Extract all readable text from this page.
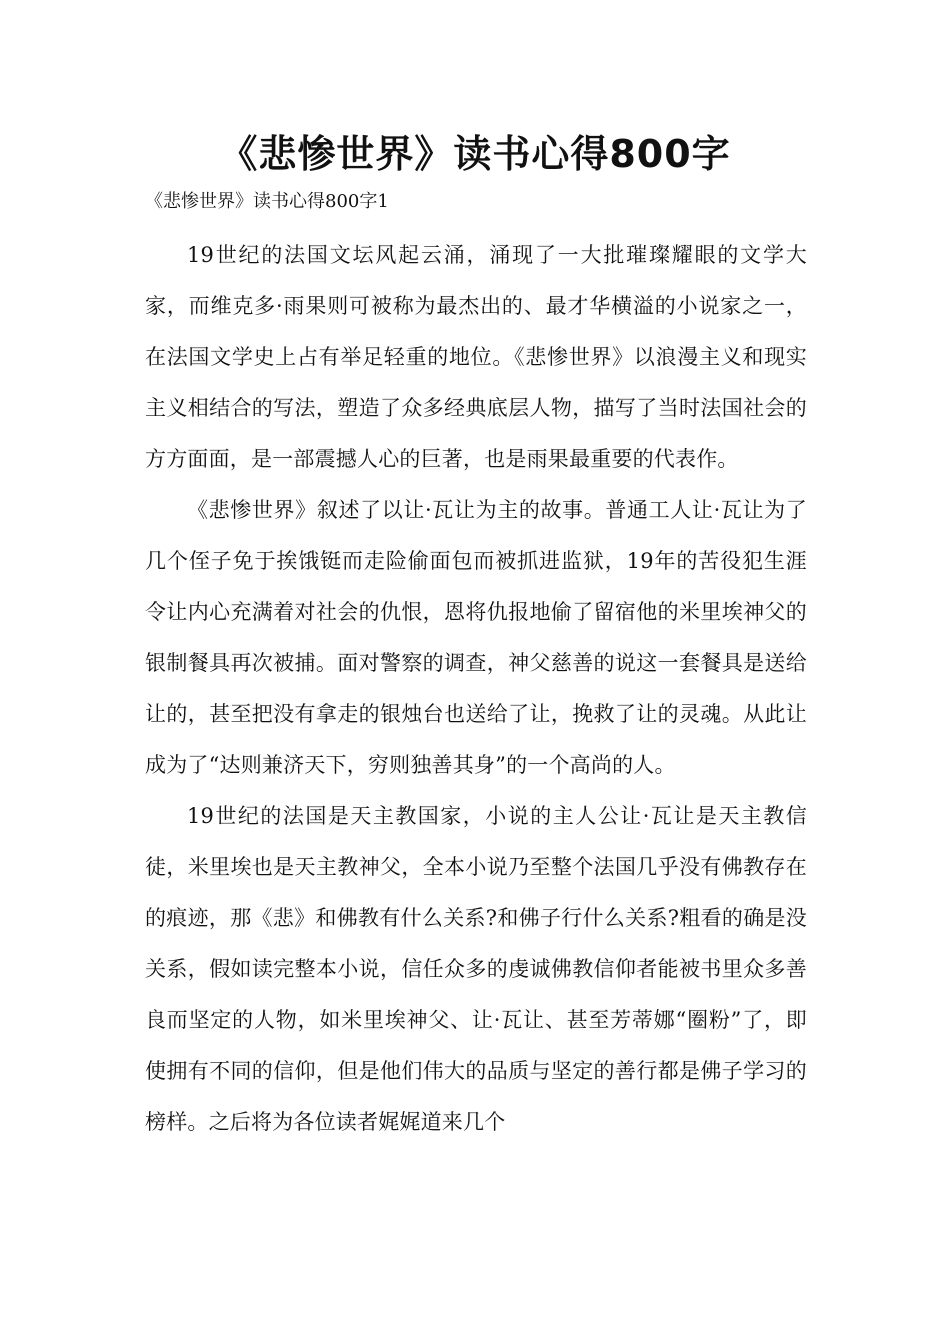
《悲惨世界》读书心得800字
《悲惨世界》读书心得800字1

19世纪的法国文坛风起云涌，涌现了一大批璀璨耀眼的文学大家，而维克多·雨果则可被称为最杰出的、最才华横溢的小说家之一，在法国文学史上占有举足轻重的地位。《悲惨世界》以浪漫主义和现实主义相结合的写法，塑造了众多经典底层人物，描写了当时法国社会的方方面面，是一部震撼人心的巨著，也是雨果最重要的代表作。

《悲惨世界》叙述了以让·瓦让为主的故事。普通工人让·瓦让为了几个侄子免于挨饿铤而走险偷面包而被抓进监狱，19年的苦役犯生涯令让内心充满着对社会的仇恨，恩将仇报地偷了留宿他的米里埃神父的银制餐具再次被捕。面对警察的调查，神父慈善的说这一套餐具是送给让的，甚至把没有拿走的银烛台也送给了让，挽救了让的灵魂。从此让成为了“达则兼济天下，穷则独善其身”的一个高尚的人。

19世纪的法国是天主教国家，小说的主人公让·瓦让是天主教信徒，米里埃也是天主教神父，全本小说乃至整个法国几乎没有佛教存在的痕迹，那《悲》和佛教有什么关系?和佛子行什么关系?粗看的确是没关系，假如读完整本小说，信任众多的虔诚佛教信仰者能被书里众多善良而坚定的人物，如米里埃神父、让·瓦让、甚至芳蒂娜“圈粉”了，即使拥有不同的信仰，但是他们伟大的品质与坚定的善行都是佛子学习的榜样。之后将为各位读者娓娓道来几个
